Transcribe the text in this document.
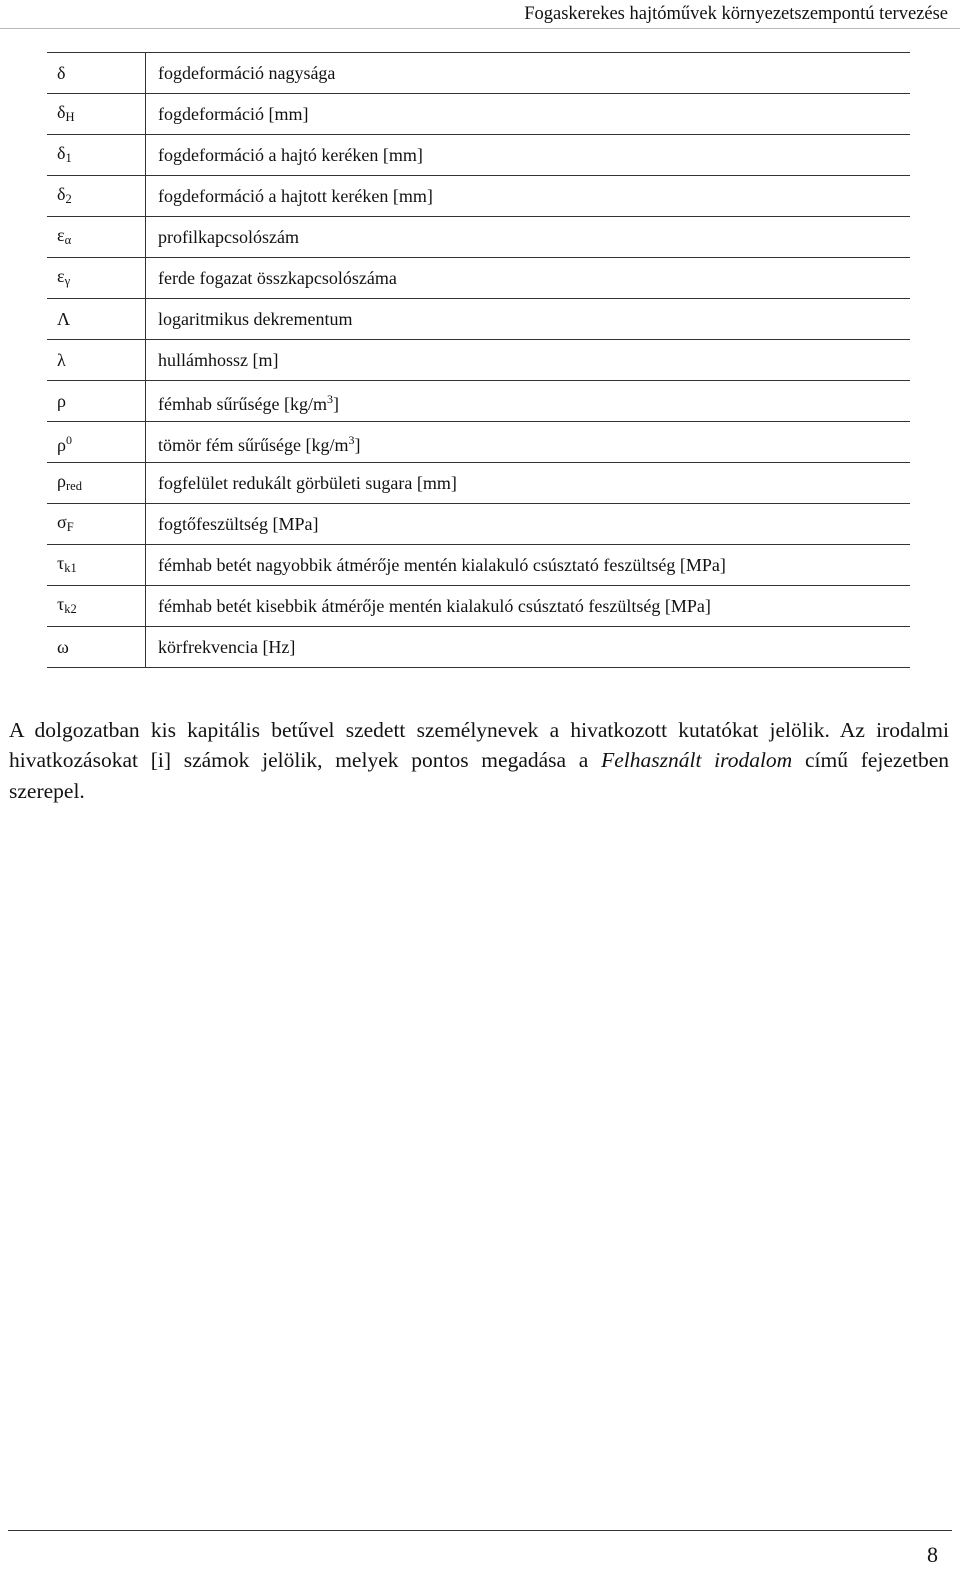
Fogaskerekes hajtóművek környezetszempontú tervezése
δ	fogdeformáció nagysága
$\delta_H$	fogdeformáció [mm]
$\delta_1$	fogdeformáció a hajtó keréken [mm]
$\delta_2$	fogdeformáció a hajtott keréken [mm]
$\varepsilon_\alpha$	profilkapcsolószám
$\varepsilon_\gamma$	ferde fogazat összkapcsolószáma
Λ	logaritmikus dekrementum
λ	hullámhossz [m]
ρ	fémhab sűrűsége $[kg/m^3]$
$\rho^0$	tömör fém sűrűsége $[kg/m^3]$
$\rho_{red}$	fogfelület redukált görbületi sugara [mm]
$\sigma_F$	fogtőfeszültség [MPa]
$\tau_{k1}$	fémhab betét nagyobbik átmérője mentén kialakuló csúsztató feszültség [MPa]
$\tau_{k2}$	fémhab betét kisebbik átmérője mentén kialakuló csúsztató feszültség [MPa]
ω	körfrekvencia [Hz]

A dolgozatban kis kapitális betűvel szedett személynevek a hivatkozott kutatókat jelölik. Az irodalmi hivatkozásokat [i] számok jelölik, melyek pontos megadása a Felhasznált irodalom című fejezetben szerepel.

8
